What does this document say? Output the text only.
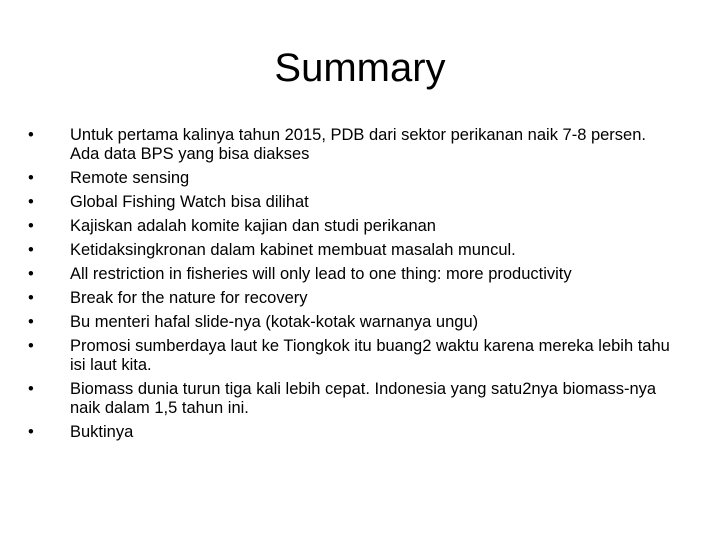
Summary
•
Untuk pertama kalinya tahun 2015, PDB dari sektor perikanan naik 7-8 persen. Ada data BPS yang bisa diakses
•
Remote sensing
•
Global Fishing Watch bisa dilihat
•
Kajiskan adalah komite kajian dan studi perikanan
•
Ketidaksingkronan dalam kabinet membuat masalah muncul.
•
All restriction in fisheries will only lead to one thing: more productivity
•
Break for the nature for recovery
•
Bu menteri hafal slide-nya (kotak-kotak warnanya ungu)
•
Promosi sumberdaya laut ke Tiongkok itu buang2 waktu karena mereka lebih tahu isi laut kita.
•
Biomass dunia turun tiga kali lebih cepat. Indonesia yang satu2nya biomass-nya naik dalam 1,5 tahun ini.
•
Buktinya
